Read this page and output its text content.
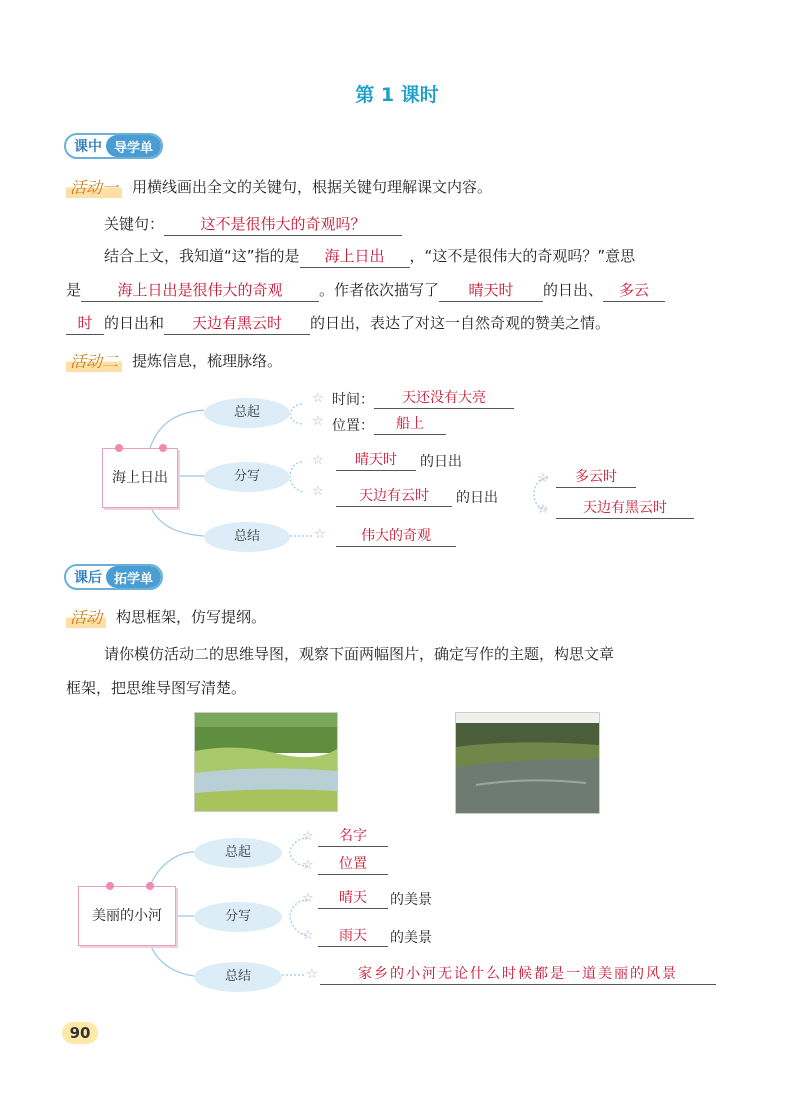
第 1 课时
课中 导学单
活动一 用横线画出全文的关键句，根据关键句理解课文内容。
关键句： 这不是很伟大的奇观吗？
结合上文，我知道“这”指的是 海上日出 ，“这不是很伟大的奇观吗？”意思
是 海上日出是很伟大的奇观 。作者依次描写了 晴天时 的日出、 多云
时 的日出和 天边有黑云时 的日出，表达了对这一自然奇观的赞美之情。
活动二 提炼信息，梳理脉络。
海上日出
总起
分写
总结
☆ 时间：	天还没有大亮
☆ 位置：	船上
☆	晴天时	的日出
☆	天边有云时	的日出
☆	多云时
☆	天边有黑云时
☆	伟大的奇观
课后 拓学单
活动 构思框架，仿写提纲。
请你模仿活动二的思维导图，观察下面两幅图片，确定写作的主题，构思文章
框架，把思维导图写清楚。
美丽的小河
总起
分写
总结
☆	名字
☆	位置
☆	晴天	的美景
☆	雨天	的美景
☆	家乡的小河无论什么时候都是一道美丽的风景
90
